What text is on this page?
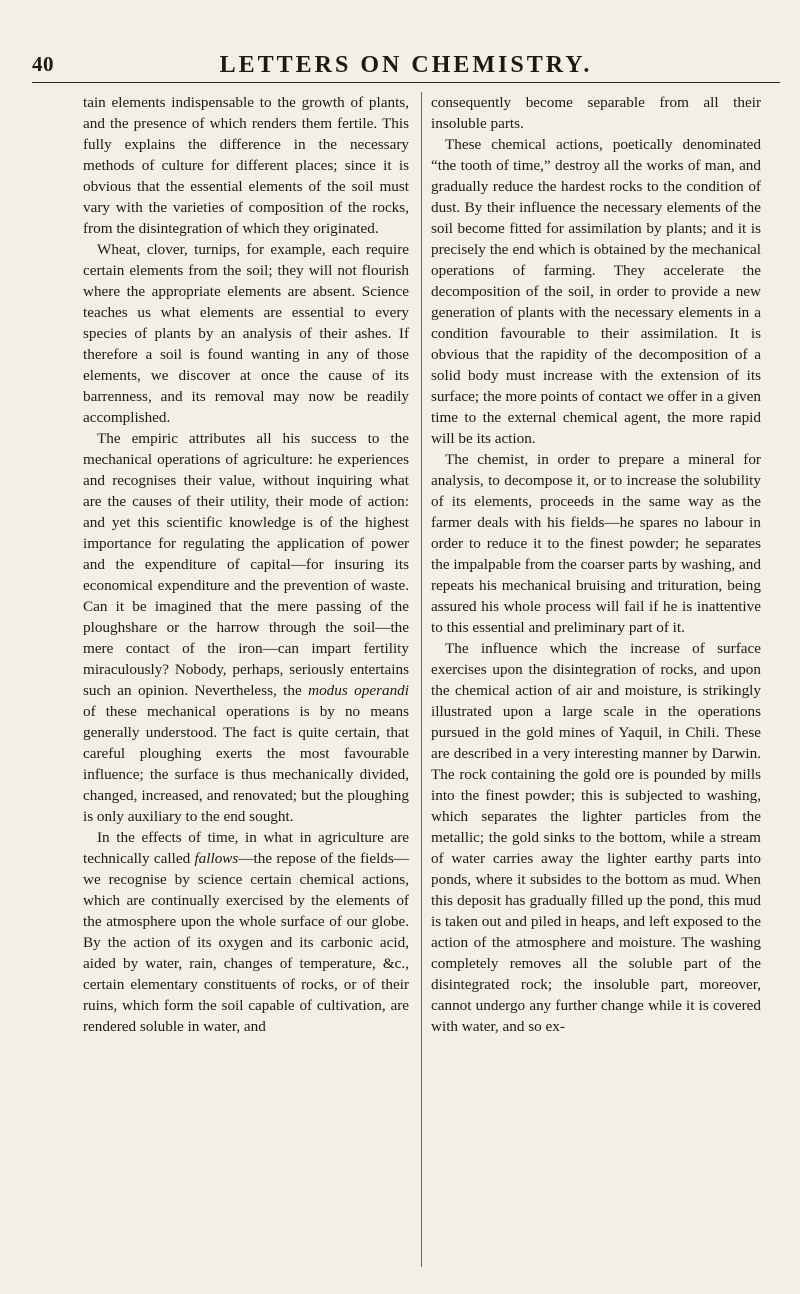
40	LETTERS ON CHEMISTRY.

tain elements indispensable to the growth of plants, and the presence of which renders them fertile. This fully explains the difference in the necessary methods of culture for different places; since it is obvious that the essential elements of the soil must vary with the varieties of composition of the rocks, from the disintegration of which they originated.

Wheat, clover, turnips, for example, each require certain elements from the soil; they will not flourish where the appropriate elements are absent. Science teaches us what elements are essential to every species of plants by an analysis of their ashes. If therefore a soil is found wanting in any of those elements, we discover at once the cause of its barrenness, and its removal may now be readily accomplished.

The empiric attributes all his success to the mechanical operations of agriculture: he experiences and recognises their value, without inquiring what are the causes of their utility, their mode of action: and yet this scientific knowledge is of the highest importance for regulating the application of power and the expenditure of capital—for insuring its economical expenditure and the prevention of waste. Can it be imagined that the mere passing of the ploughshare or the harrow through the soil—the mere contact of the iron—can impart fertility miraculously? Nobody, perhaps, seriously entertains such an opinion. Nevertheless, the modus operandi of these mechanical operations is by no means generally understood. The fact is quite certain, that careful ploughing exerts the most favourable influence; the surface is thus mechanically divided, changed, increased, and renovated; but the ploughing is only auxiliary to the end sought.

In the effects of time, in what in agriculture are technically called fallows—the repose of the fields—we recognise by science certain chemical actions, which are continually exercised by the elements of the atmosphere upon the whole surface of our globe. By the action of its oxygen and its carbonic acid, aided by water, rain, changes of temperature, &c., certain elementary constituents of rocks, or of their ruins, which form the soil capable of cultivation, are rendered soluble in water, and

consequently become separable from all their insoluble parts.

These chemical actions, poetically denominated “the tooth of time,” destroy all the works of man, and gradually reduce the hardest rocks to the condition of dust. By their influence the necessary elements of the soil become fitted for assimilation by plants; and it is precisely the end which is obtained by the mechanical operations of farming. They accelerate the decomposition of the soil, in order to provide a new generation of plants with the necessary elements in a condition favourable to their assimilation. It is obvious that the rapidity of the decomposition of a solid body must increase with the extension of its surface; the more points of contact we offer in a given time to the external chemical agent, the more rapid will be its action.

The chemist, in order to prepare a mineral for analysis, to decompose it, or to increase the solubility of its elements, proceeds in the same way as the farmer deals with his fields—he spares no labour in order to reduce it to the finest powder; he separates the impalpable from the coarser parts by washing, and repeats his mechanical bruising and trituration, being assured his whole process will fail if he is inattentive to this essential and preliminary part of it.

The influence which the increase of surface exercises upon the disintegration of rocks, and upon the chemical action of air and moisture, is strikingly illustrated upon a large scale in the operations pursued in the gold mines of Yaquil, in Chili. These are described in a very interesting manner by Darwin. The rock containing the gold ore is pounded by mills into the finest powder; this is subjected to washing, which separates the lighter particles from the metallic; the gold sinks to the bottom, while a stream of water carries away the lighter earthy parts into ponds, where it subsides to the bottom as mud. When this deposit has gradually filled up the pond, this mud is taken out and piled in heaps, and left exposed to the action of the atmosphere and moisture. The washing completely removes all the soluble part of the disintegrated rock; the insoluble part, moreover, cannot undergo any further change while it is covered with water, and so ex-
